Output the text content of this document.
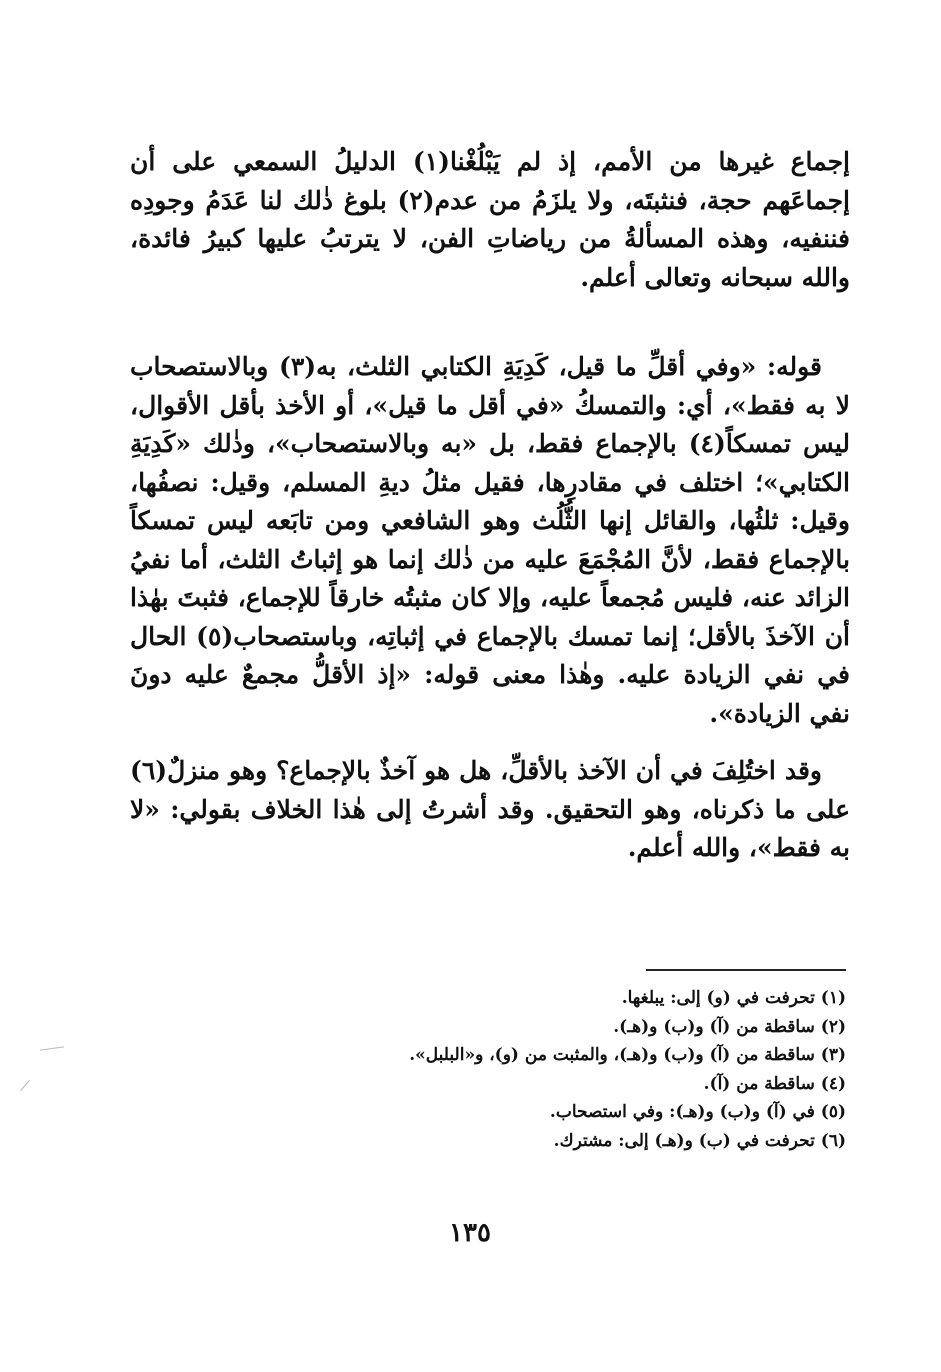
إجماع غيرها من الأمم، إذ لم يَبْلُغْنا(١) الدليلُ السمعي على أن إجماعَهم حجة، فنثبتَه، ولا يلزَمُ من عدم(٢) بلوغ ذٰلك لنا عَدَمُ وجودِه فننفيه، وهذه المسألةُ من رياضاتِ الفن، لا يترتبُ عليها كبيرُ فائدة، والله سبحانه وتعالى أعلم.

قوله: «وفي أقلِّ ما قيل، كَدِيَةِ الكتابي الثلث، به(٣) وبالاستصحاب لا به فقط»، أي: والتمسكُ «في أقل ما قيل»، أو الأخذ بأقل الأقوال، ليس تمسكاً(٤) بالإجماع فقط، بل «به وبالاستصحاب»، وذٰلك «كَدِيَةِ الكتابي»؛ اختلف في مقادرِها، فقيل مثلُ ديةِ المسلم، وقيل: نصفُها، وقيل: ثلثُها، والقائل إنها الثُّلُث وهو الشافعي ومن تابَعه ليس تمسكاً بالإجماع فقط، لأنَّ المُجْمَعَ عليه من ذٰلك إنما هو إثباتُ الثلث، أما نفيُ الزائد عنه، فليس مُجمعاً عليه، وإلا كان مثبتُه خارقاً للإجماع، فثبتَ بهٰذا أن الآخذَ بالأقل؛ إنما تمسك بالإجماع في إثباتِه، وباستصحاب(٥) الحال في نفي الزيادة عليه. وهٰذا معنى قوله: «إذ الأقلُّ مجمعٌ عليه دونَ نفي الزيادة».

وقد اختُلِفَ في أن الآخذ بالأقلِّ، هل هو آخذٌ بالإجماع؟ وهو منزلٌ(٦) على ما ذكرناه، وهو التحقيق. وقد أشرتُ إلى هٰذا الخلاف بقولي: «لا به فقط»، والله أعلم.

(١) تحرفت في (و) إلى: يبلغها.
(٢) ساقطة من (آ) و(ب) و(هـ).
(٣) ساقطة من (آ) و(ب) و(هـ)، والمثبت من (و)، و«البلبل».
(٤) ساقطة من (آ).
(٥) في (آ) و(ب) و(هـ): وفي استصحاب.
(٦) تحرفت في (ب) و(هـ) إلى: مشترك.
١٣٥
